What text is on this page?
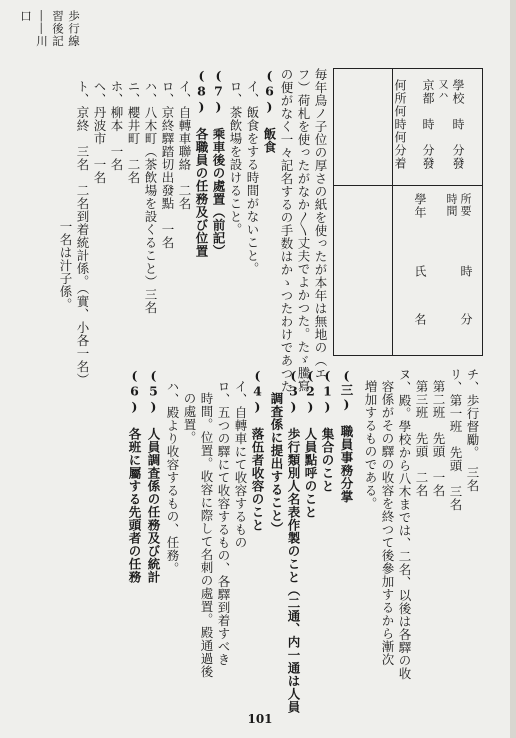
歩行線習後記――川口
學校　時　分發
又ハ
京都　時　分發
何所何時何分着
所要
時間
時
分
學年
氏
名
毎年鳥ノ子位の厚さの紙を使ったが本年は無地の（エ
フ）荷札を使ったがなか〳〵丈夫でよかつた。たゞ騰寫
の便がなく一々記名するの手数はかゝつたわけであつた
(6)　飯食
イ、飯食をする時間がないこと。
ロ、茶飲場を設けること。
(7)　乘車後の處置（前記）
(8)　各職員の任務及び位置
イ、自轉車聯絡　二名
ロ、京終驛踏切出發點　一名
ハ、八木町（茶飲場を設くること）三名
ニ、櫻井町　二名
ホ、柳本　一名
ヘ、丹波市　一名
ト、京終　三名　二名到着統計係。（實、小各一名）
一名は汁子係。
チ、歩行督勵。　三名
リ、第一班　先頭　三名
第二班　先頭　一名
第三班　先頭　二名
ヌ、殿。學校から八木までは、二名、以後は各驛の收
容係がその驛の收容を終つて後參加するから漸次
増加するものである。
(三)　職員事務分掌
(1)　集合のこと
(2)　人員點呼のこと
(3)　歩行類別人名表作製のこと（二通、内一通は人員
調査係に提出すること）
(4)　落伍者收容のこと
イ、自轉車にて收容するもの
ロ、五つの驛にて收容するもの、各驛到着すべき
時間。位置。收容に際して名刺の處置。殿通過後
の處置。
ハ、殿より收容するもの、任務。
(5)　人員調査係の任務及び統計
(6)　各班に屬する先頭者の任務
101
